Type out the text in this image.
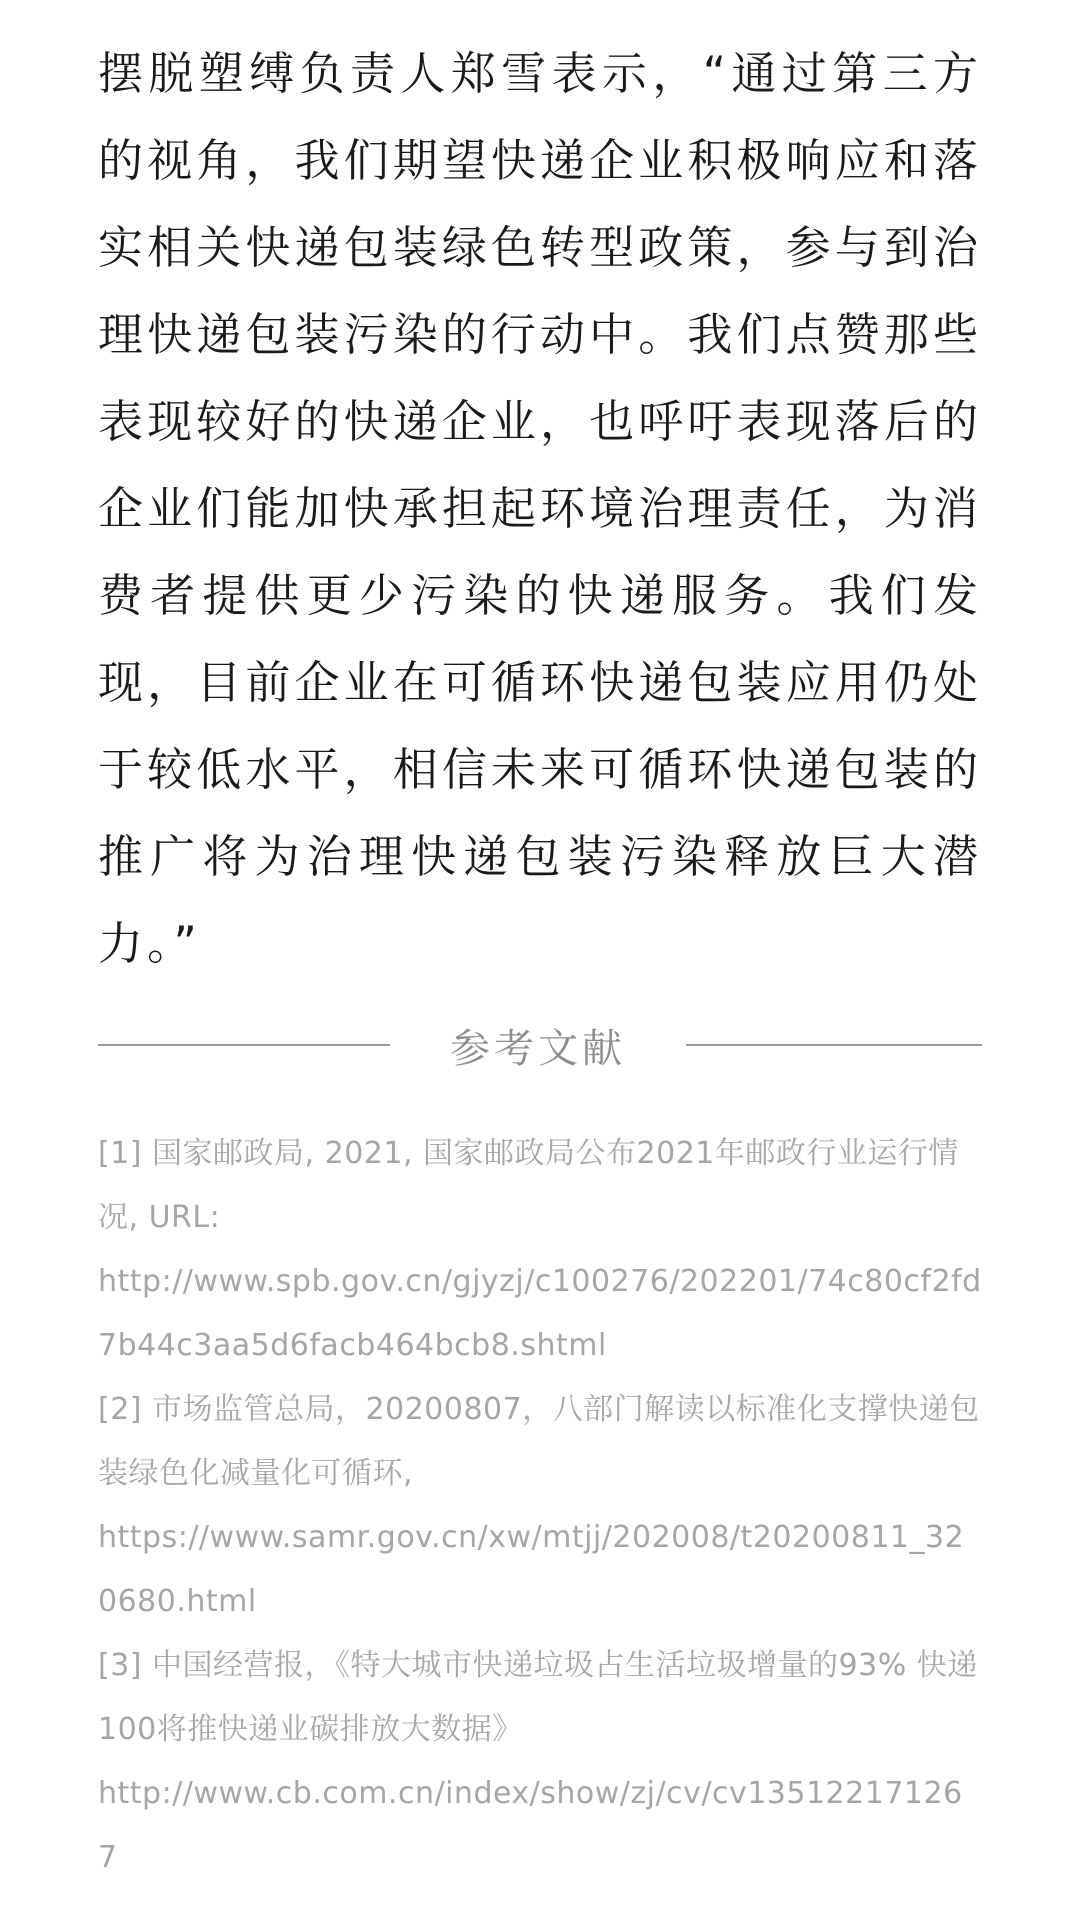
摆脱塑缚负责人郑雪表示，“通过第三方的视角，我们期望快递企业积极响应和落实相关快递包装绿色转型政策，参与到治理快递包装污染的行动中。我们点赞那些表现较好的快递企业，也呼吁表现落后的企业们能加快承担起环境治理责任，为消费者提供更少污染的快递服务。我们发现，目前企业在可循环快递包装应用仍处于较低水平，相信未来可循环快递包装的推广将为治理快递包装污染释放巨大潜力。”

参考文献
[1] 国家邮政局, 2021, 国家邮政局公布2021年邮政行业运行情况, URL:
http://www.spb.gov.cn/gjyzj/c100276/202201/74c80cf2fd7b44c3aa5d6facb464bcb8.shtml
[2] 市场监管总局，20200807，八部门解读以标准化支撑快递包装绿色化减量化可循环,
https://www.samr.gov.cn/xw/mtjj/202008/t20200811_320680.html
[3] 中国经营报，《特大城市快递垃圾占生活垃圾增量的93% 快递100将推快递业碳排放大数据》
http://www.cb.com.cn/index/show/zj/cv/cv135122171267
